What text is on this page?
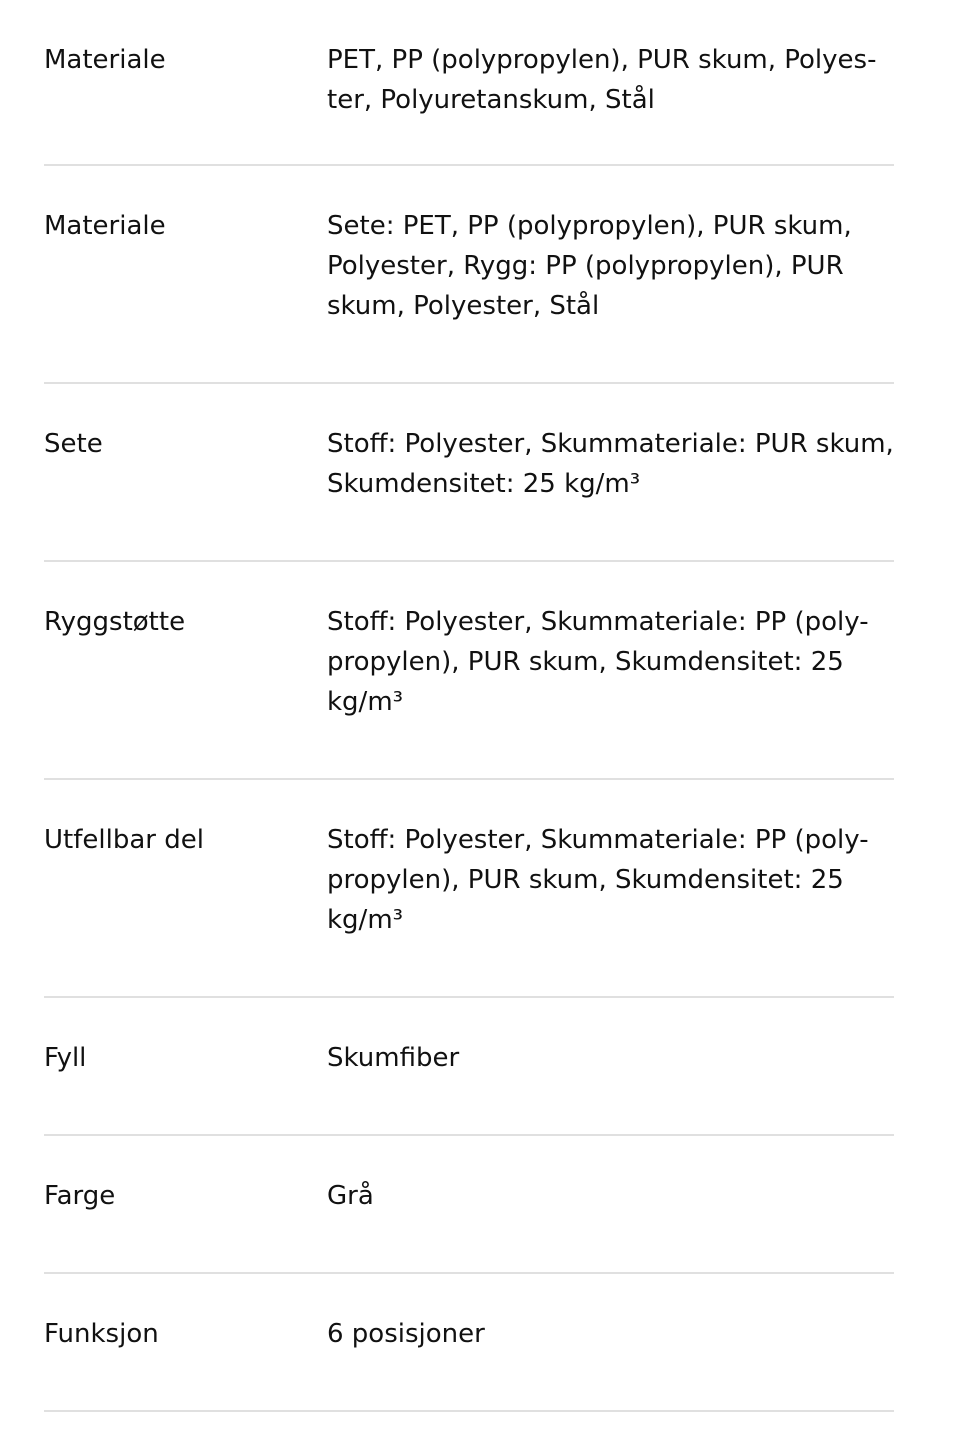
Materiale	PET, PP (polypropylen), PUR skum, Polyes-
ter, Polyuretanskum, Stål
Materiale	Sete: PET, PP (polypropylen), PUR skum,
Polyester, Rygg: PP (polypropylen), PUR
skum, Polyester, Stål
Sete	Stoff: Polyester, Skummateriale: PUR skum,
Skumdensitet: 25 kg/m³
Ryggstøtte	Stoff: Polyester, Skummateriale: PP (poly-
propylen), PUR skum, Skumdensitet: 25
kg/m³
Utfellbar del	Stoff: Polyester, Skummateriale: PP (poly-
propylen), PUR skum, Skumdensitet: 25
kg/m³
Fyll	Skumfiber
Farge	Grå
Funksjon	6 posisjoner
